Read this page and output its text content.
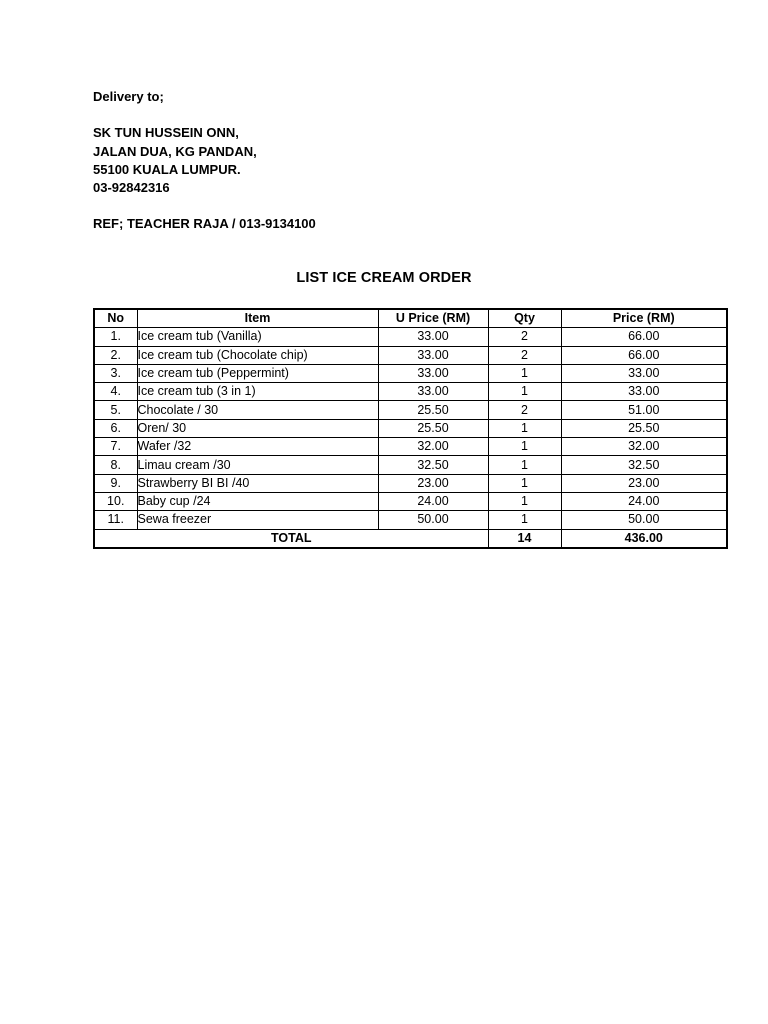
Delivery to;
SK TUN HUSSEIN ONN,
JALAN DUA, KG PANDAN,
55100 KUALA LUMPUR.
03-92842316
REF; TEACHER RAJA / 013-9134100
LIST ICE CREAM ORDER
No	Item	U Price (RM)	Qty	Price (RM)
1.	Ice cream tub (Vanilla)	33.00	2	66.00
2.	Ice cream tub (Chocolate chip)	33.00	2	66.00
3.	Ice cream tub (Peppermint)	33.00	1	33.00
4.	Ice cream tub (3 in 1)	33.00	1	33.00
5.	Chocolate / 30	25.50	2	51.00
6.	Oren/ 30	25.50	1	25.50
7.	Wafer /32	32.00	1	32.00
8.	Limau cream /30	32.50	1	32.50
9.	Strawberry BI BI /40	23.00	1	23.00
10.	Baby cup /24	24.00	1	24.00
11.	Sewa freezer	50.00	1	50.00
TOTAL			14	436.00
